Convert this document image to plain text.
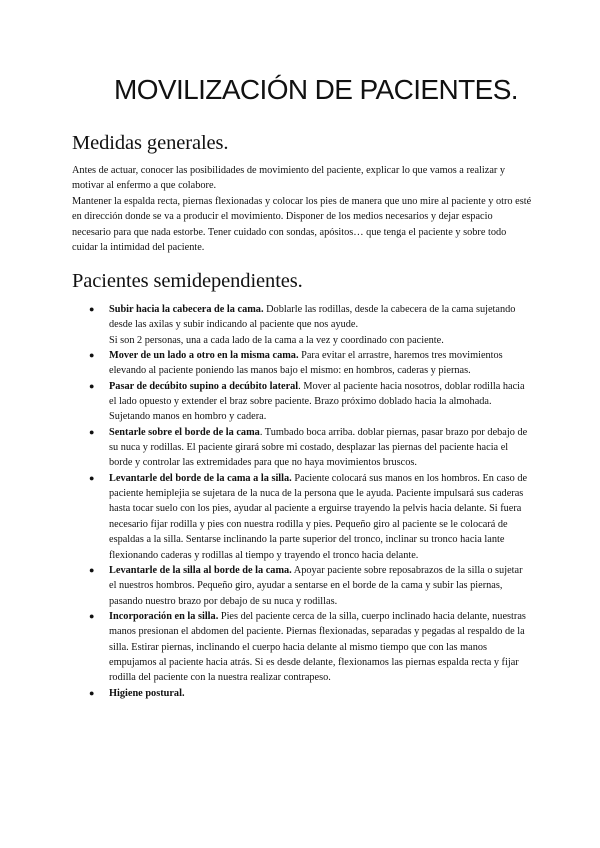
MOVILIZACIÓN DE PACIENTES.
Medidas generales.

Antes de actuar, conocer las posibilidades de movimiento del paciente, explicar lo que vamos a realizar y motivar al enfermo a que colabore.

Mantener la espalda recta, piernas flexionadas y colocar los pies de manera que uno mire al paciente y otro esté en dirección donde se va a producir el movimiento. Disponer de los medios necesarios y dejar espacio necesario para que nada estorbe. Tener cuidado con sondas, apósitos… que tenga el paciente y sobre todo cuidar la intimidad del paciente.

Pacientes semidependientes.
● Subir hacia la cabecera de la cama. Doblarle las rodillas, desde la cabecera de la cama sujetando desde las axilas y subir indicando al paciente que nos ayude.

Si son 2 personas, una a cada lado de la cama a la vez y coordinado con paciente.

● Mover de un lado a otro en la misma cama. Para evitar el arrastre, haremos tres movimientos elevando al paciente poniendo las manos bajo el mismo: en hombros, caderas y piernas.

● Pasar de decúbito supino a decúbito lateral. Mover al paciente hacia nosotros, doblar rodilla hacia el lado opuesto y extender el braz sobre paciente. Brazo próximo doblado hacia la almohada. Sujetando manos en hombro y cadera.

● Sentarle sobre el borde de la cama. Tumbado boca arriba. doblar piernas, pasar brazo por debajo de su nuca y rodillas. El paciente girará sobre mi costado, desplazar las piernas del paciente hacia el borde y controlar las extremidades para que no haya movimientos bruscos.

● Levantarle del borde de la cama a la silla. Paciente colocará sus manos en los hombros. En caso de paciente hemiplejia se sujetara de la nuca de la persona que le ayuda. Paciente impulsará sus caderas hasta tocar suelo con los pies, ayudar al paciente a erguirse trayendo la pelvis hacia delante. Si fuera necesario fijar rodilla y pies con nuestra rodilla y pies. Pequeño giro al paciente se le colocará de espaldas a la silla. Sentarse inclinando la parte superior del tronco, inclinar su tronco hacia lante flexionando caderas y rodillas al tiempo y trayendo el tronco hacia delante.

● Levantarle de la silla al borde de la cama. Apoyar paciente sobre reposabrazos de la silla o sujetar el nuestros hombros. Pequeño giro, ayudar a sentarse en el borde de la cama y subir las piernas, pasando nuestro brazo por debajo de su nuca y rodillas.

● Incorporación en la silla. Pies del paciente cerca de la silla, cuerpo inclinado hacia delante, nuestras manos presionan el abdomen del paciente. Piernas flexionadas, separadas y pegadas al respaldo de la silla. Estirar piernas, inclinando el cuerpo hacia delante al mismo tiempo que con las manos empujamos al paciente hacia atrás. Si es desde delante, flexionamos las piernas espalda recta y fijar rodilla del paciente con la nuestra realizar contrapeso.

● Higiene postural.
